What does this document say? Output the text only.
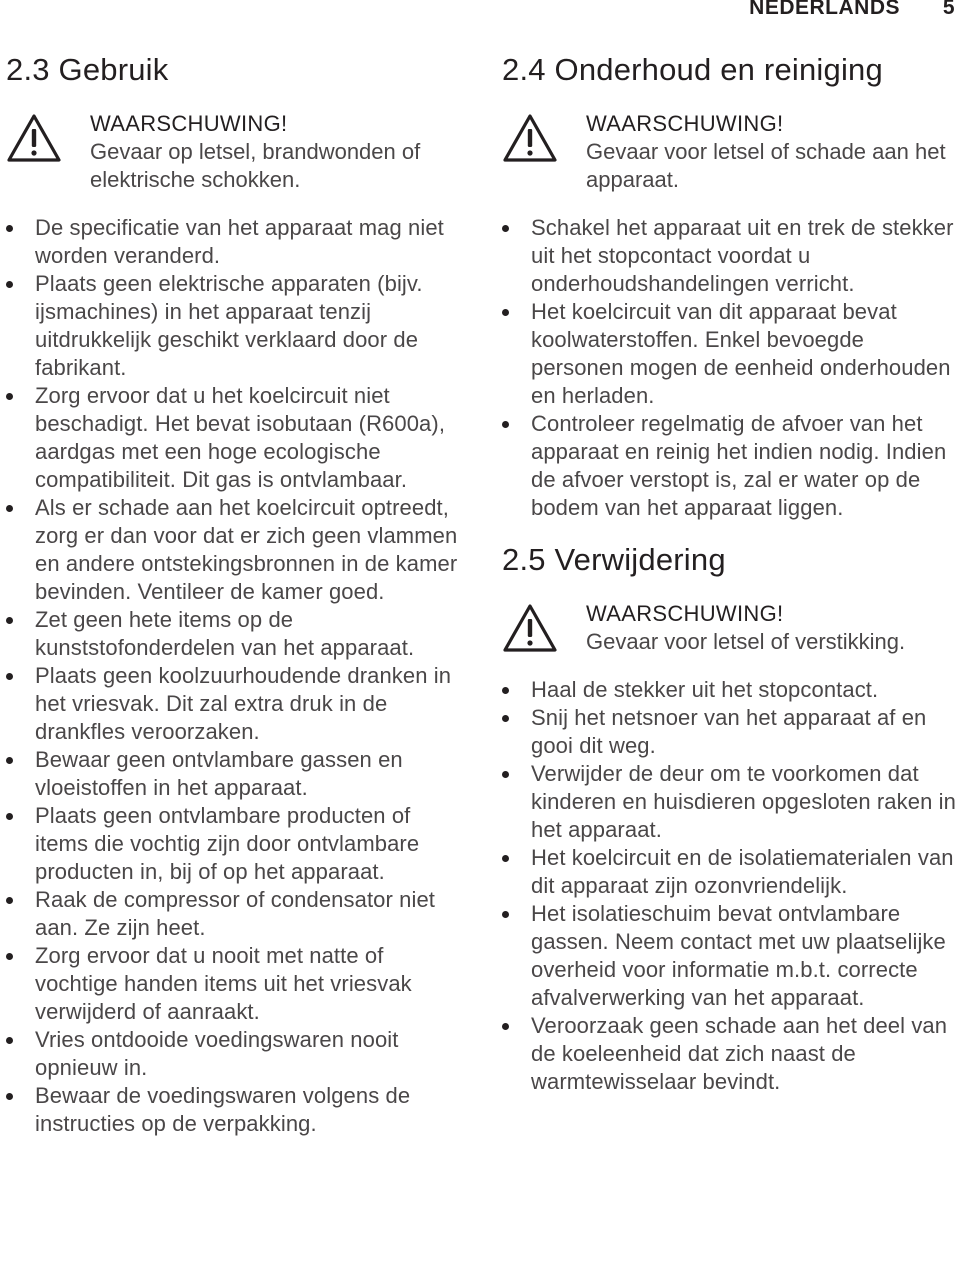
NEDERLANDS 5
2.3 Gebruik
WAARSCHUWING!
Gevaar op letsel, brandwonden of elektrische schokken.
De specificatie van het apparaat mag niet worden veranderd.
Plaats geen elektrische apparaten (bijv. ijsmachines) in het apparaat tenzij uitdrukkelijk geschikt verklaard door de fabrikant.
Zorg ervoor dat u het koelcircuit niet beschadigt. Het bevat isobutaan (R600a), aardgas met een hoge ecologische compatibiliteit. Dit gas is ontvlambaar.
Als er schade aan het koelcircuit optreedt, zorg er dan voor dat er zich geen vlammen en andere ontstekingsbronnen in de kamer bevinden. Ventileer de kamer goed.
Zet geen hete items op de kunststofonderdelen van het apparaat.
Plaats geen koolzuurhoudende dranken in het vriesvak. Dit zal extra druk in de drankfles veroorzaken.
Bewaar geen ontvlambare gassen en vloeistoffen in het apparaat.
Plaats geen ontvlambare producten of items die vochtig zijn door ontvlambare producten in, bij of op het apparaat.
Raak de compressor of condensator niet aan. Ze zijn heet.
Zorg ervoor dat u nooit met natte of vochtige handen items uit het vriesvak verwijderd of aanraakt.
Vries ontdooide voedingswaren nooit opnieuw in.
Bewaar de voedingswaren volgens de instructies op de verpakking.
2.4 Onderhoud en reiniging
WAARSCHUWING!
Gevaar voor letsel of schade aan het apparaat.
Schakel het apparaat uit en trek de stekker uit het stopcontact voordat u onderhoudshandelingen verricht.
Het koelcircuit van dit apparaat bevat koolwaterstoffen. Enkel bevoegde personen mogen de eenheid onderhouden en herladen.
Controleer regelmatig de afvoer van het apparaat en reinig het indien nodig. Indien de afvoer verstopt is, zal er water op de bodem van het apparaat liggen.
2.5 Verwijdering
WAARSCHUWING!
Gevaar voor letsel of verstikking.
Haal de stekker uit het stopcontact.
Snij het netsnoer van het apparaat af en gooi dit weg.
Verwijder de deur om te voorkomen dat kinderen en huisdieren opgesloten raken in het apparaat.
Het koelcircuit en de isolatiematerialen van dit apparaat zijn ozonvriendelijk.
Het isolatieschuim bevat ontvlambare gassen. Neem contact met uw plaatselijke overheid voor informatie m.b.t. correcte afvalverwerking van het apparaat.
Veroorzaak geen schade aan het deel van de koeleenheid dat zich naast de warmtewisselaar bevindt.
